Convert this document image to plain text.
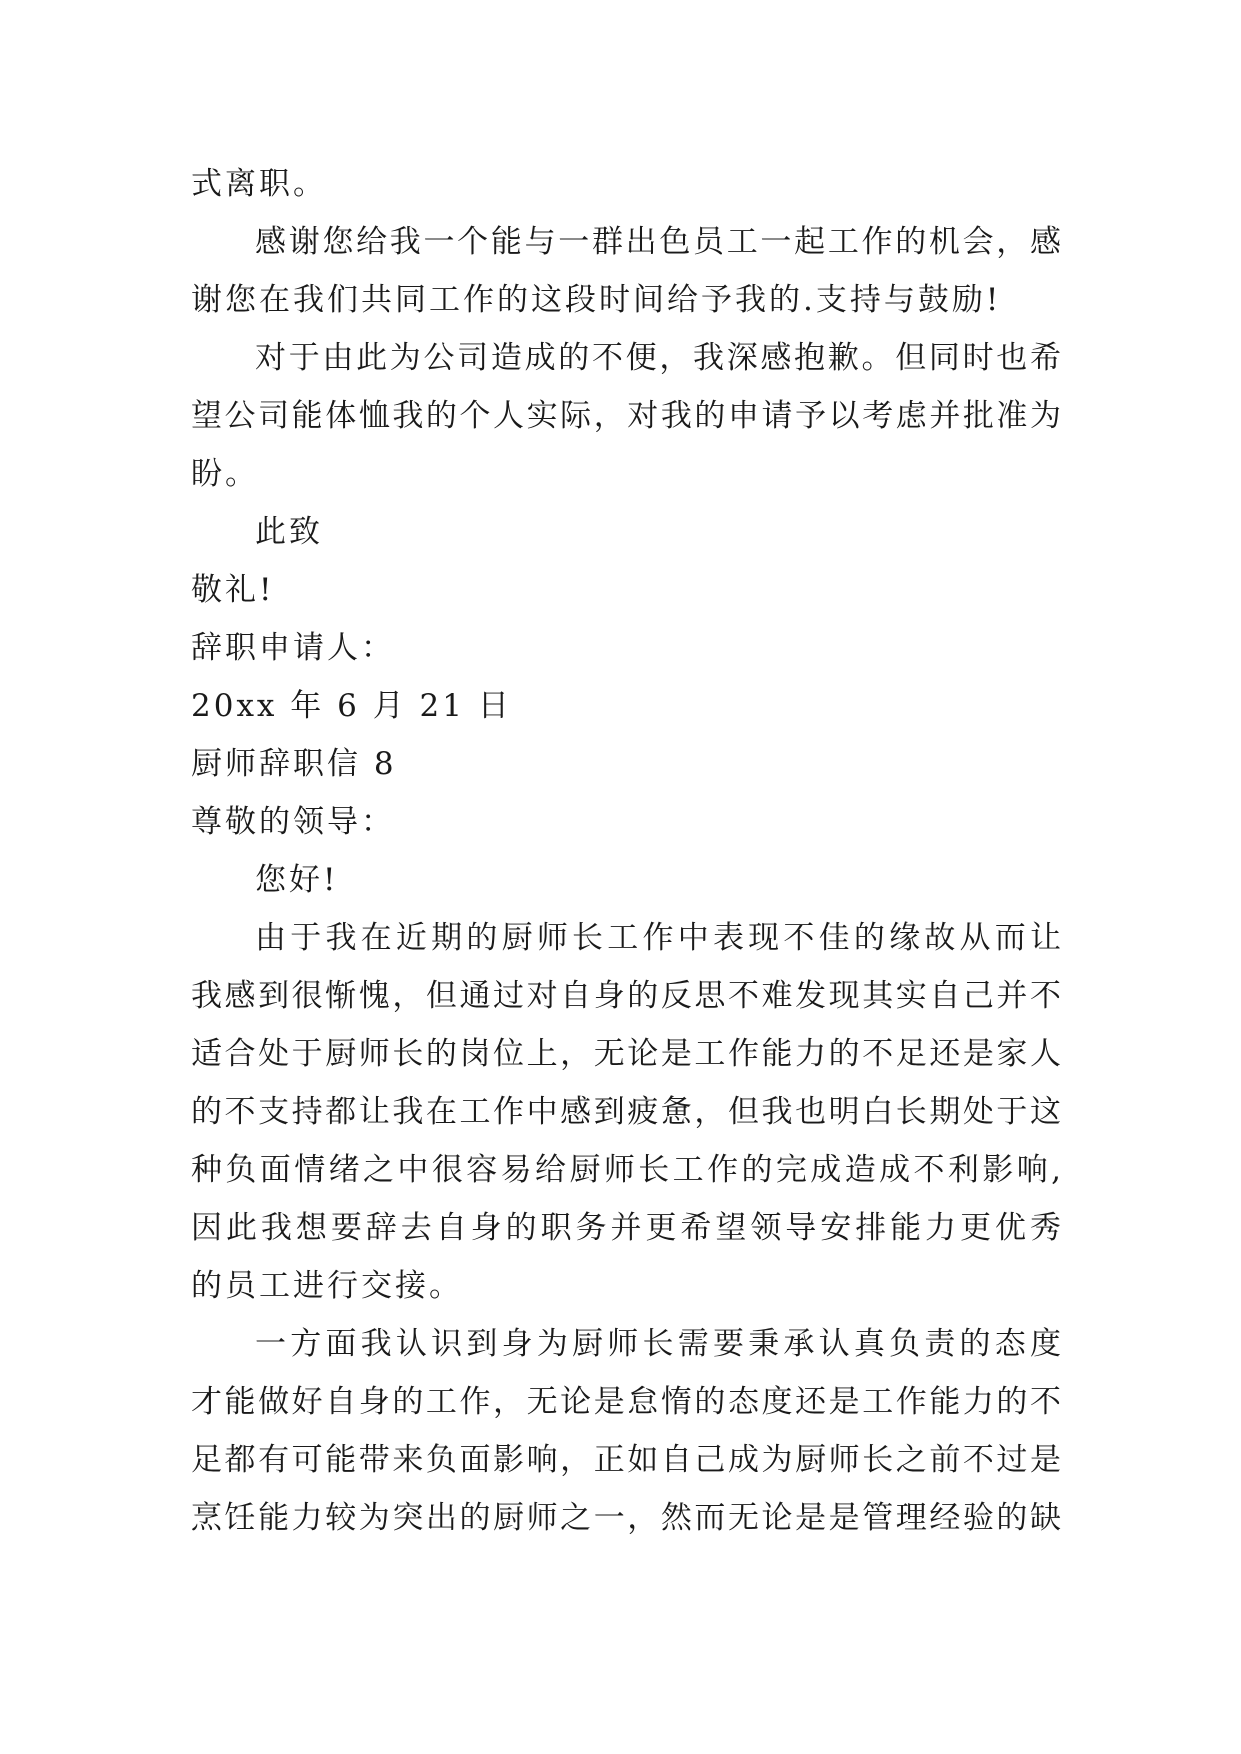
式离职。
感谢您给我一个能与一群出色员工一起工作的机会，感
谢您在我们共同工作的这段时间给予我的.支持与鼓励!
对于由此为公司造成的不便，我深感抱歉。但同时也希
望公司能体恤我的个人实际，对我的申请予以考虑并批准为
盼。
此致
敬礼!
辞职申请人：
20xx 年 6 月 21 日
厨师辞职信 8
尊敬的领导：
您好!
由于我在近期的厨师长工作中表现不佳的缘故从而让
我感到很惭愧，但通过对自身的反思不难发现其实自己并不
适合处于厨师长的岗位上，无论是工作能力的不足还是家人
的不支持都让我在工作中感到疲惫，但我也明白长期处于这
种负面情绪之中很容易给厨师长工作的完成造成不利影响,
因此我想要辞去自身的职务并更希望领导安排能力更优秀
的员工进行交接。
一方面我认识到身为厨师长需要秉承认真负责的态度
才能做好自身的工作，无论是怠惰的态度还是工作能力的不
足都有可能带来负面影响，正如自己成为厨师长之前不过是
烹饪能力较为突出的厨师之一，然而无论是是管理经验的缺
